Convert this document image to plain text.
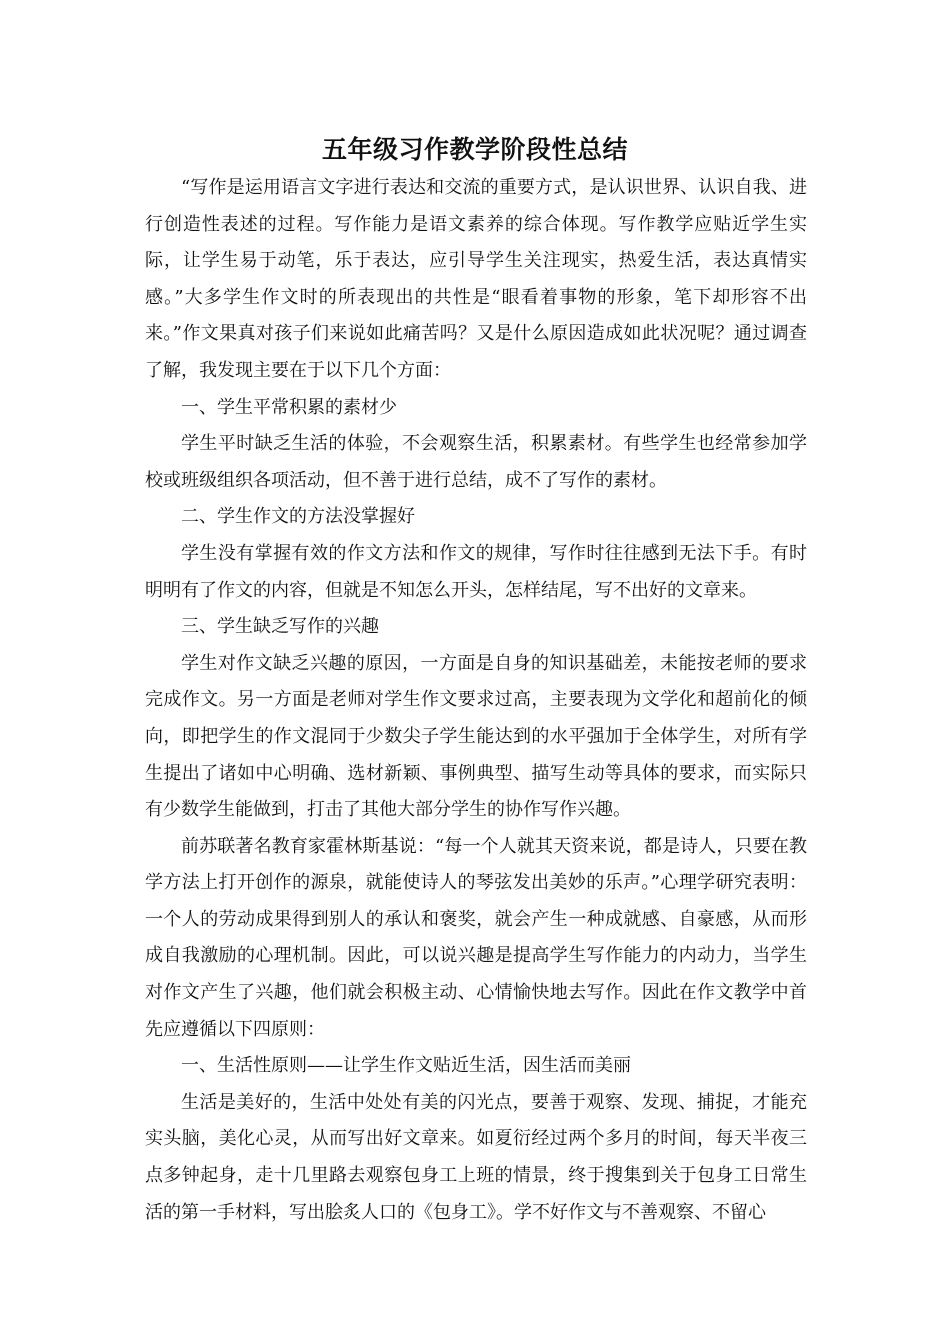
五年级习作教学阶段性总结

“写作是运用语言文字进行表达和交流的重要方式，是认识世界、认识自我、进行创造性表述的过程。写作能力是语文素养的综合体现。写作教学应贴近学生实际，让学生易于动笔，乐于表达，应引导学生关注现实，热爱生活，表达真情实感。”大多学生作文时的所表现出的共性是“眼看着事物的形象，笔下却形容不出来。”作文果真对孩子们来说如此痛苦吗？又是什么原因造成如此状况呢？通过调查了解，我发现主要在于以下几个方面：

一、学生平常积累的素材少

学生平时缺乏生活的体验，不会观察生活，积累素材。有些学生也经常参加学校或班级组织各项活动，但不善于进行总结，成不了写作的素材。

二、学生作文的方法没掌握好

学生没有掌握有效的作文方法和作文的规律，写作时往往感到无法下手。有时明明有了作文的内容，但就是不知怎么开头，怎样结尾，写不出好的文章来。

三、学生缺乏写作的兴趣

学生对作文缺乏兴趣的原因，一方面是自身的知识基础差，未能按老师的要求完成作文。另一方面是老师对学生作文要求过高，主要表现为文学化和超前化的倾向，即把学生的作文混同于少数尖子学生能达到的水平强加于全体学生，对所有学生提出了诸如中心明确、选材新颖、事例典型、描写生动等具体的要求，而实际只有少数学生能做到，打击了其他大部分学生的协作写作兴趣。

前苏联著名教育家霍林斯基说：“每一个人就其天资来说，都是诗人，只要在教学方法上打开创作的源泉，就能使诗人的琴弦发出美妙的乐声。”心理学研究表明：一个人的劳动成果得到别人的承认和褒奖，就会产生一种成就感、自豪感，从而形成自我激励的心理机制。因此，可以说兴趣是提高学生写作能力的内动力，当学生对作文产生了兴趣，他们就会积极主动、心情愉快地去写作。因此在作文教学中首先应遵循以下四原则：

一、生活性原则——让学生作文贴近生活，因生活而美丽

生活是美好的，生活中处处有美的闪光点，要善于观察、发现、捕捉，才能充实头脑，美化心灵，从而写出好文章来。如夏衍经过两个多月的时间，每天半夜三点多钟起身，走十几里路去观察包身工上班的情景，终于搜集到关于包身工日常生活的第一手材料，写出脍炙人口的《包身工》。学不好作文与不善观察、不留心
